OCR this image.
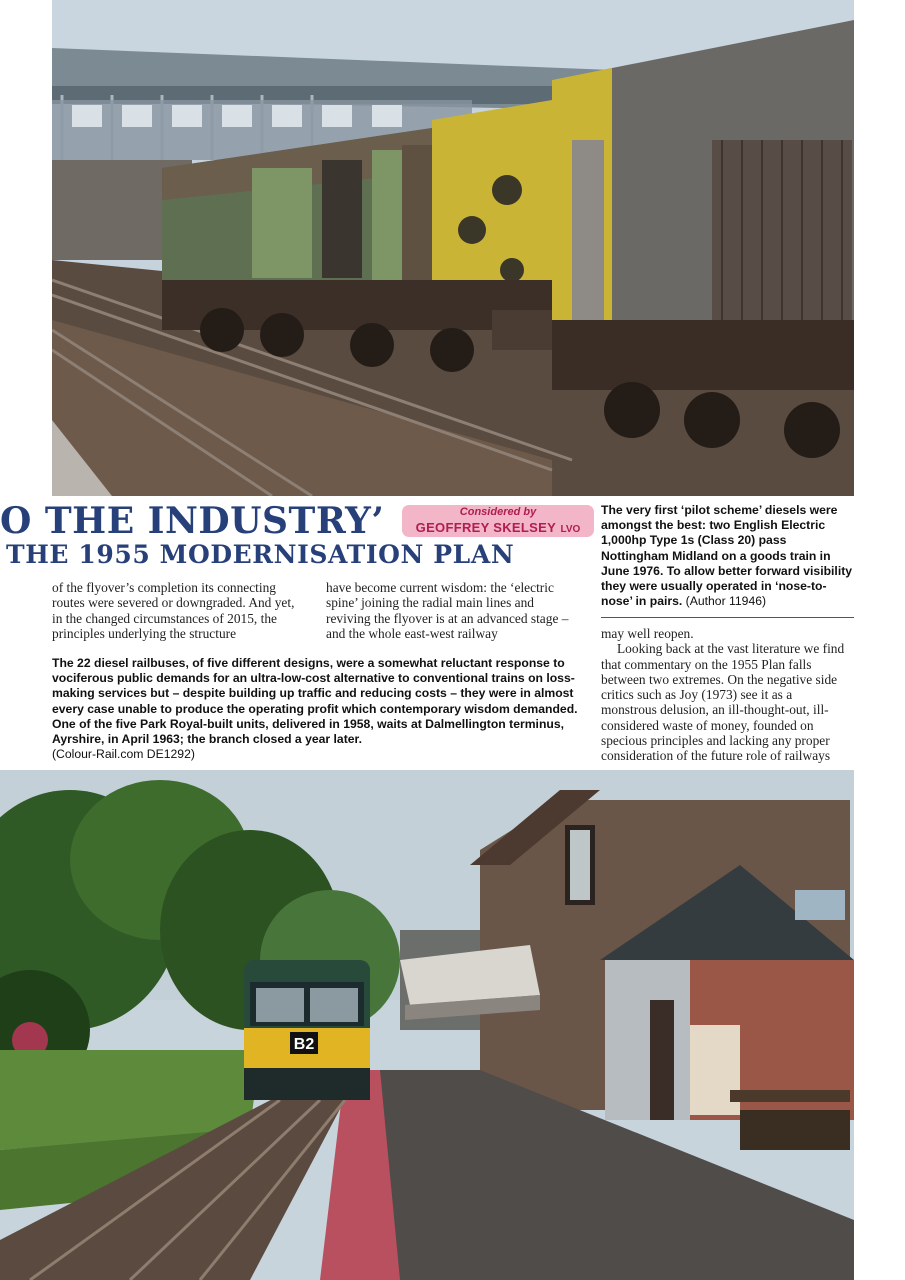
O THE INDUSTRY’
THE 1955 MODERNISATION PLAN
Considered by
GEOFFREY SKELSEY LVO
The very first ‘pilot scheme’ diesels were amongst the best: two English Electric 1,000hp Type 1s (Class 20) pass Nottingham Midland on a goods train in June 1976. To allow better forward visibility they were usually operated in ‘nose-to-nose’ in pairs. (Author 11946)

of the flyover’s completion its connecting routes were severed or downgraded. And yet, in the changed circumstances of 2015, the principles underlying the structure

have become current wisdom: the ‘electric spine’ joining the radial main lines and reviving the flyover is at an advanced stage – and the whole east-west railway	may well reopen.

Looking back at the vast literature we find that commentary on the 1955 Plan falls between two extremes. On the negative side critics such as Joy (1973) see it as a monstrous delusion, an ill-thought-out, ill-considered waste of money, founded on specious principles and lacking any proper consideration of the future role of railways

The 22 diesel railbuses, of five different designs, were a somewhat reluctant response to vociferous public demands for an ultra-low-cost alternative to conventional trains on loss-making services but – despite building up traffic and reducing costs – they were in almost every case unable to produce the operating profit which contemporary wisdom demanded. One of the five Park Royal-built units, delivered in 1958, waits at Dalmellington terminus, Ayrshire, in April 1963; the branch closed a year later.
(Colour-Rail.com DE1292)
B2
